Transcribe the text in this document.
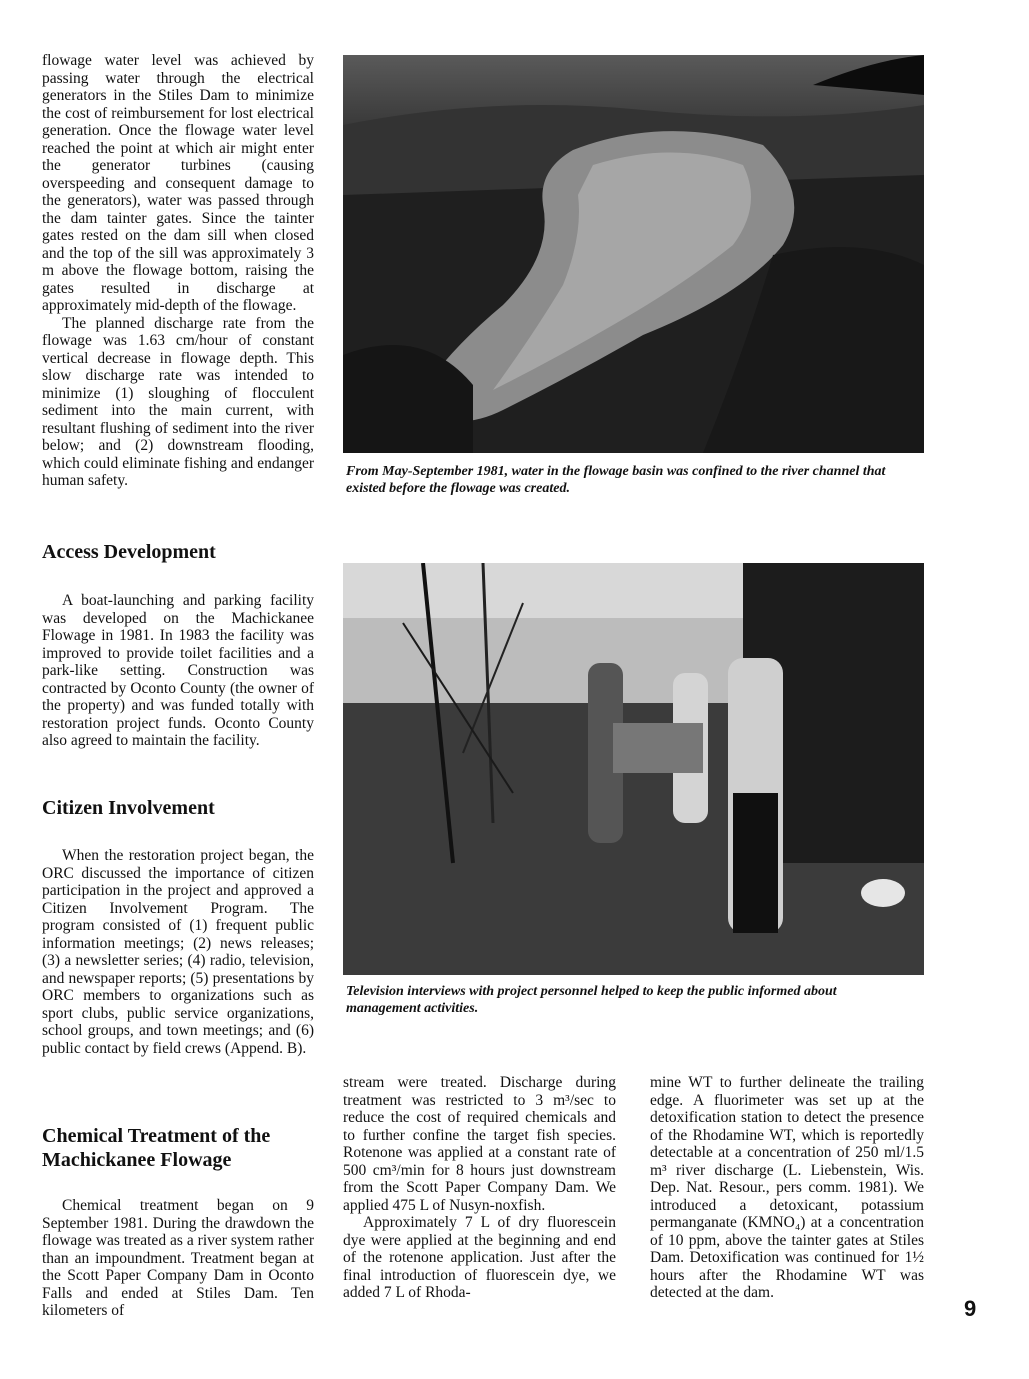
flowage water level was achieved by passing water through the electrical generators in the Stiles Dam to minimize the cost of reimbursement for lost electrical generation. Once the flowage water level reached the point at which air might enter the generator turbines (causing overspeeding and consequent damage to the generators), water was passed through the dam tainter gates. Since the tainter gates rested on the dam sill when closed and the top of the sill was approximately 3 m above the flowage bottom, raising the gates resulted in discharge at approximately mid-depth of the flowage.

The planned discharge rate from the flowage was 1.63 cm/hour of constant vertical decrease in flowage depth. This slow discharge rate was intended to minimize (1) sloughing of flocculent sediment into the main current, with resultant flushing of sediment into the river below; and (2) downstream flooding, which could eliminate fishing and endanger human safety.

Access Development

A boat-launching and parking facility was developed on the Machickanee Flowage in 1981. In 1983 the facility was improved to provide toilet facilities and a park-like setting. Construction was contracted by Oconto County (the owner of the property) and was funded totally with restoration project funds. Oconto County also agreed to maintain the facility.

Citizen Involvement

When the restoration project began, the ORC discussed the importance of citizen participation in the project and approved a Citizen Involvement Program. The program consisted of (1) frequent public information meetings; (2) news releases; (3) a newsletter series; (4) radio, television, and newspaper reports; (5) presentations by ORC members to organizations such as sport clubs, public service organizations, school groups, and town meetings; and (6) public contact by field crews (Append. B).

Chemical Treatment of the
Machickanee Flowage

Chemical treatment began on 9 September 1981. During the drawdown the flowage was treated as a river system rather than an impoundment. Treatment began at the Scott Paper Company Dam in Oconto Falls and ended at Stiles Dam. Ten kilometers of

From May-September 1981, water in the flowage basin was confined to the river channel that existed before the flowage was created.
Television interviews with project personnel helped to keep the public informed about management activities.

stream were treated. Discharge during treatment was restricted to 3 m³/sec to reduce the cost of required chemicals and to further confine the target fish species. Rotenone was applied at a constant rate of 500 cm³/min for 8 hours just downstream from the Scott Paper Company Dam. We applied 475 L of Nusyn-noxfish.

Approximately 7 L of dry fluorescein dye were applied at the beginning and end of the rotenone application. Just after the final introduction of fluorescein dye, we added 7 L of Rhoda-

mine WT to further delineate the trailing edge. A fluorimeter was set up at the detoxification station to detect the presence of the Rhodamine WT, which is reportedly detectable at a concentration of 250 ml/1.5 m³ river discharge (L. Liebenstein, Wis. Dep. Nat. Resour., pers comm. 1981). We introduced a detoxicant, potassium permanganate (KMNO₄) at a concentration of 10 ppm, above the tainter gates at Stiles Dam. Detoxification was continued for 1½ hours after the Rhodamine WT was detected at the dam.

9
